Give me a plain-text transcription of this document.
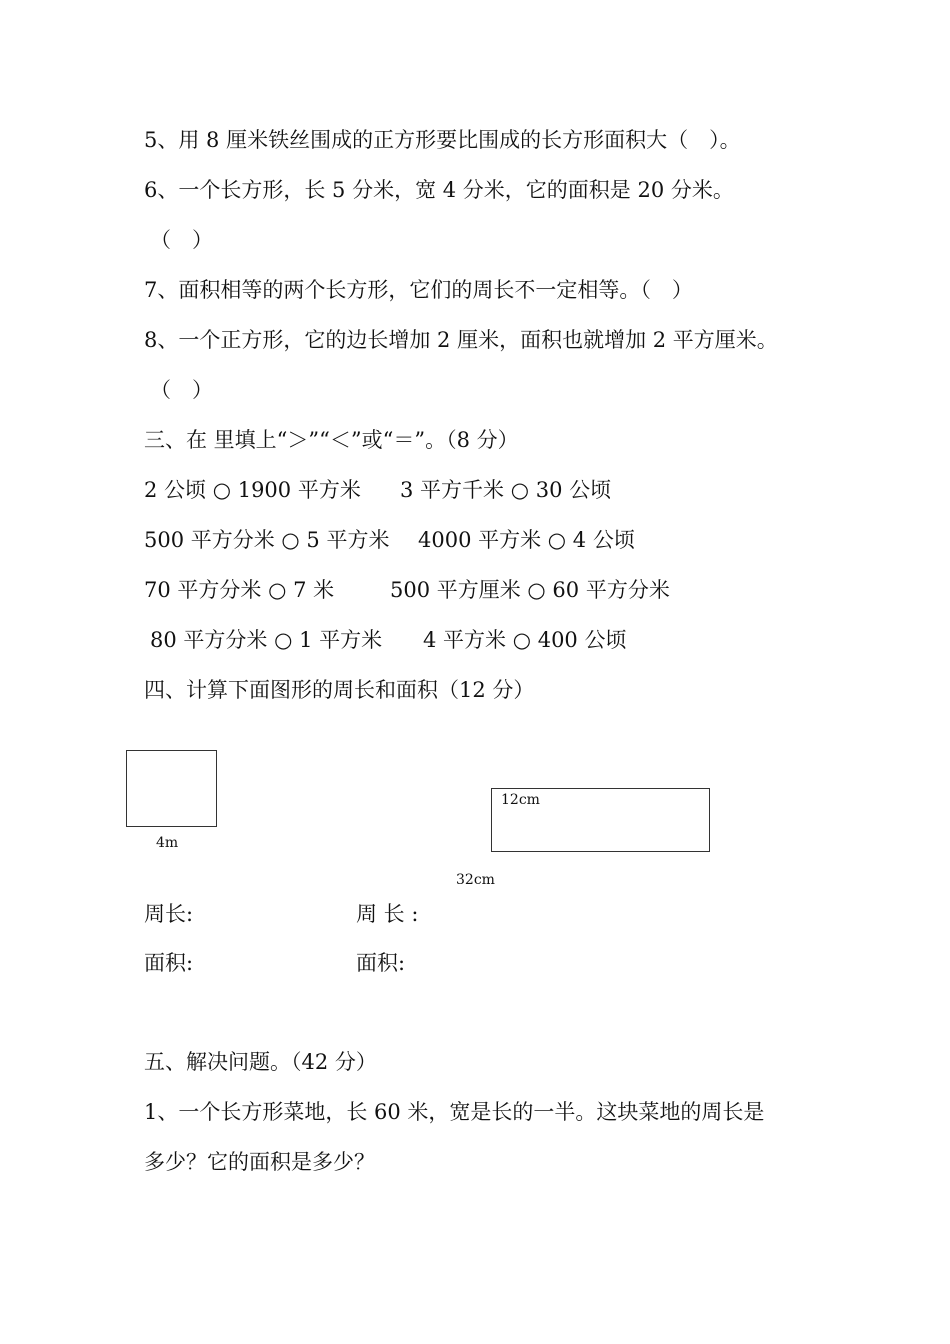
5、用 8 厘米铁丝围成的正方形要比围成的长方形面积大（　）。
6、一个长方形，长 5 分米，宽 4 分米，它的面积是 20 分米。
（　）
7、面积相等的两个长方形，它们的周长不一定相等。（　）
8、一个正方形，它的边长增加 2 厘米，面积也就增加 2 平方厘米。
（　）
三、在 里填上“＞”“＜”或“＝”。（8 分）
2 公顷 ○ 1900 平方米 3 平方千米 ○ 30 公顷
500 平方分米 ○ 5 平方米 4000 平方米 ○ 4 公顷
70 平方分米 ○ 7 米	500 平方厘米 ○ 60 平方分米
80 平方分米 ○ 1 平方米 4 平方米 ○ 400 公顷
四、计算下面图形的周长和面积（12 分）
4m
12cm
32cm
周长:	周 长 :
面积:	面积:
五、解决问题。（42 分）
1、一个长方形菜地，长 60 米，宽是长的一半。这块菜地的周长是
多少？它的面积是多少？
